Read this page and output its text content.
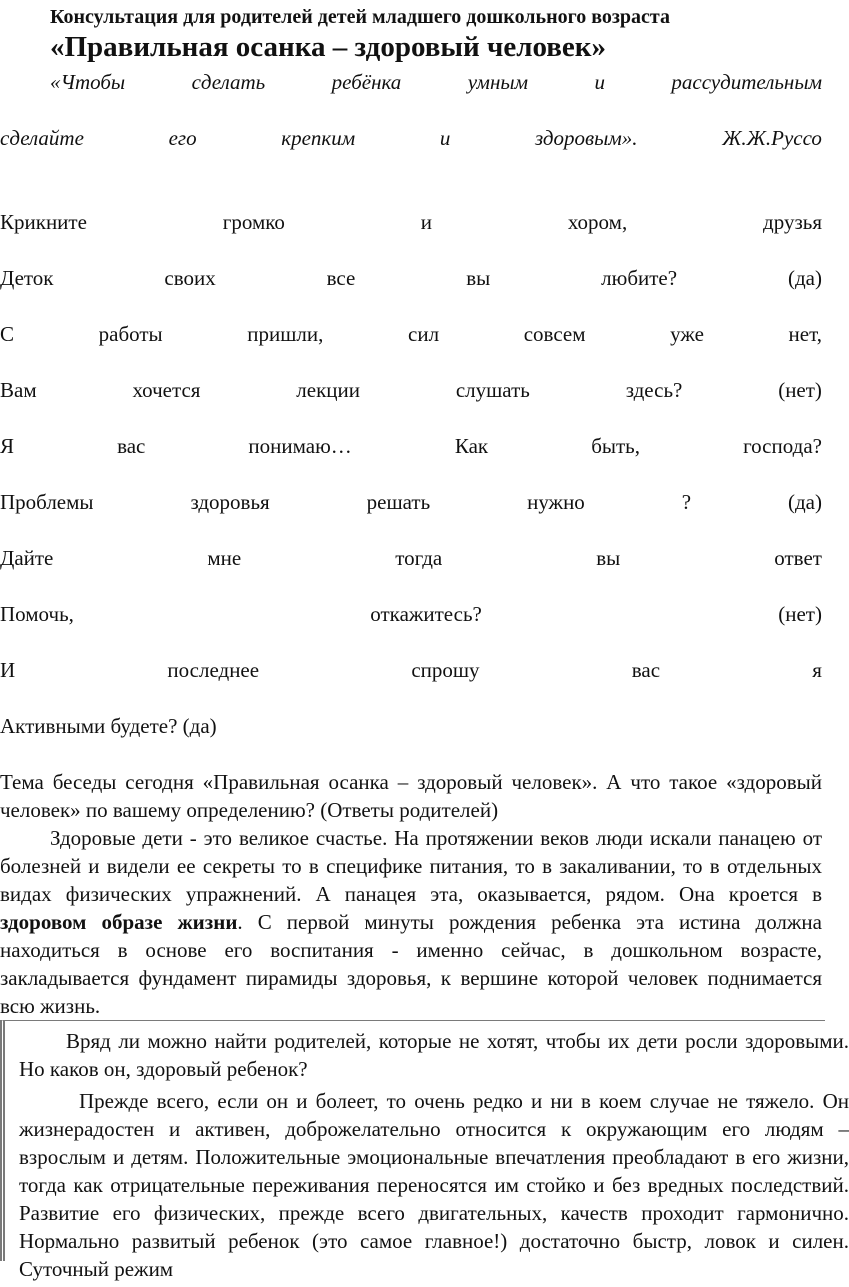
Консультация для родителей детей младшего дошкольного возраста
«Правильная осанка – здоровый человек»
«Чтобы	сделать	ребёнка	умным	и	рассудительным
сделайте	его	крепким	и	здоровым».	Ж.Ж.Руссо
Крикните	громко	и	хором,	друзья
Деток	своих	все	вы	любите?	(да)
С	работы	пришли,	сил	совсем	уже	нет,
Вам	хочется	лекции	слушать	здесь?	(нет)
Я	вас	понимаю…	Как	быть,	господа?
Проблемы	здоровья	решать	нужно	?	(да)
Дайте	мне	тогда	вы	ответ
Помочь,	откажитесь?	(нет)
И	последнее	спрошу	вас	я
Активными будете? (да)
Тема беседы сегодня «Правильная осанка – здоровый человек». А что такое «здоровый человек» по вашему определению? (Ответы родителей)
Здоровые дети - это великое счастье. На протяжении веков люди искали панацею от болезней и видели ее секреты то в специфике питания, то в закаливании, то в отдельных видах физических упражнений. А панацея эта, оказывается, рядом. Она кроется в здоровом образе жизни. С первой минуты рождения ребенка эта истина должна находиться в основе его воспитания - именно сейчас, в дошкольном возрасте, закладывается фундамент пирамиды здоровья, к вершине которой человек поднимается всю жизнь.

Вряд ли можно найти родителей, которые не хотят, чтобы их дети росли здоровыми. Но каков он, здоровый ребенок?

Прежде всего, если он и болеет, то очень редко и ни в коем случае не тяжело. Он жизнерадостен и активен, доброжелательно относится к окружающим его людям – взрослым и детям. Положительные эмоциональные впечатления преобладают в его жизни, тогда как отрицательные переживания переносятся им стойко и без вредных последствий. Развитие его физических, прежде всего двигательных, качеств проходит гармонично. Нормально развитый ребенок (это самое главное!) достаточно быстр, ловок и силен. Суточный режим
